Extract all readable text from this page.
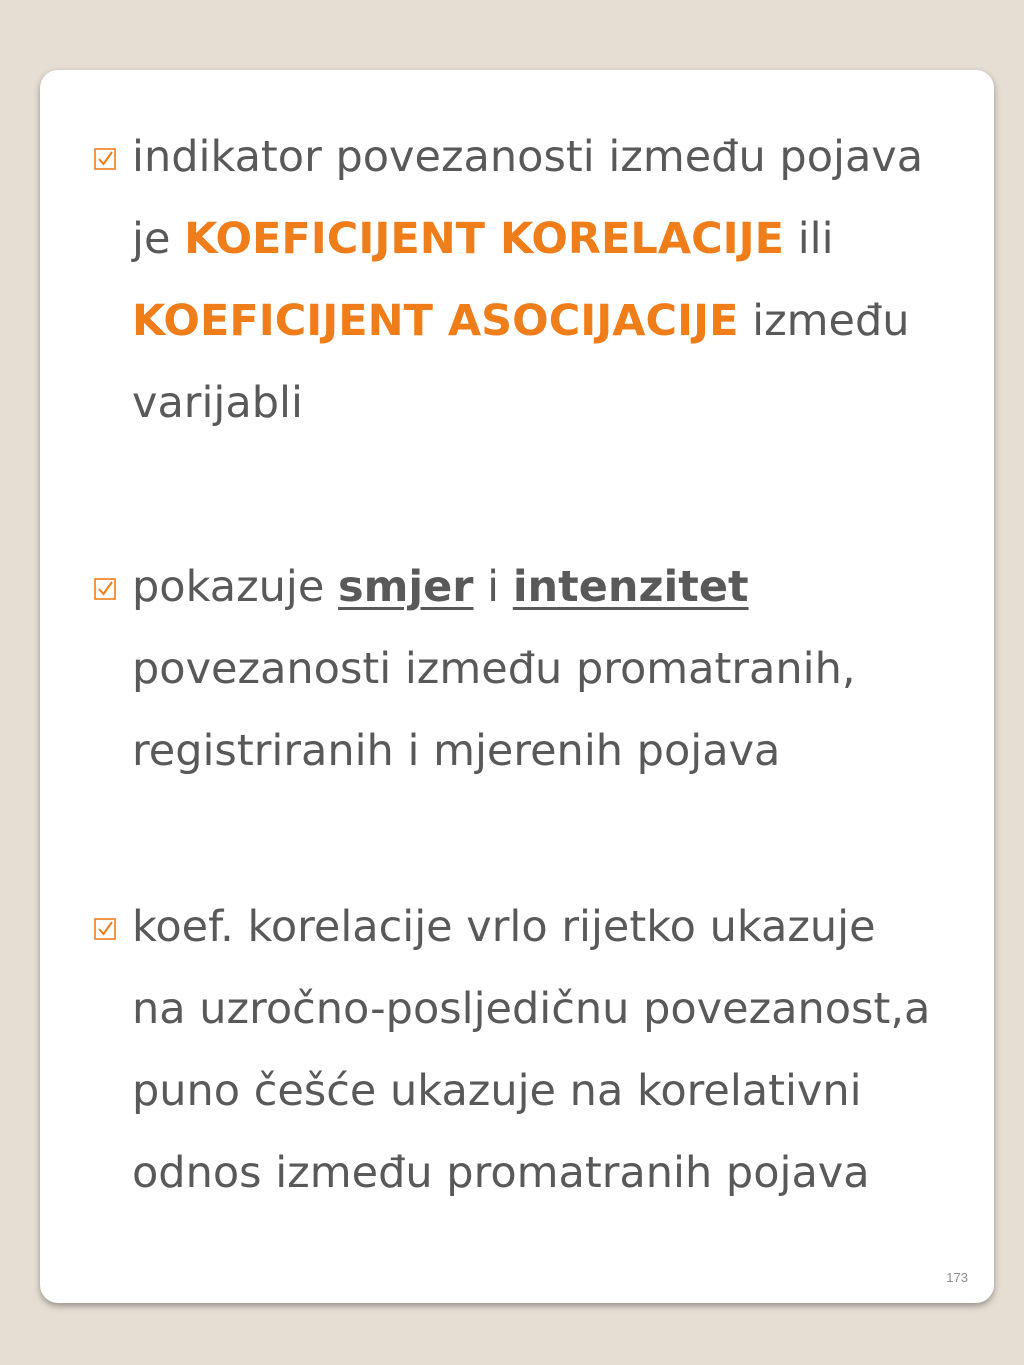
indikator povezanosti između pojava
je KOEFICIJENT KORELACIJE ili
KOEFICIJENT ASOCIJACIJE između
varijabli
pokazuje smjer i intenzitet
povezanosti između promatranih,
registriranih i mjerenih pojava
koef. korelacije vrlo rijetko ukazuje
na uzročno-posljedičnu povezanost,a
puno češće ukazuje na korelativni
odnos između promatranih pojava
173
